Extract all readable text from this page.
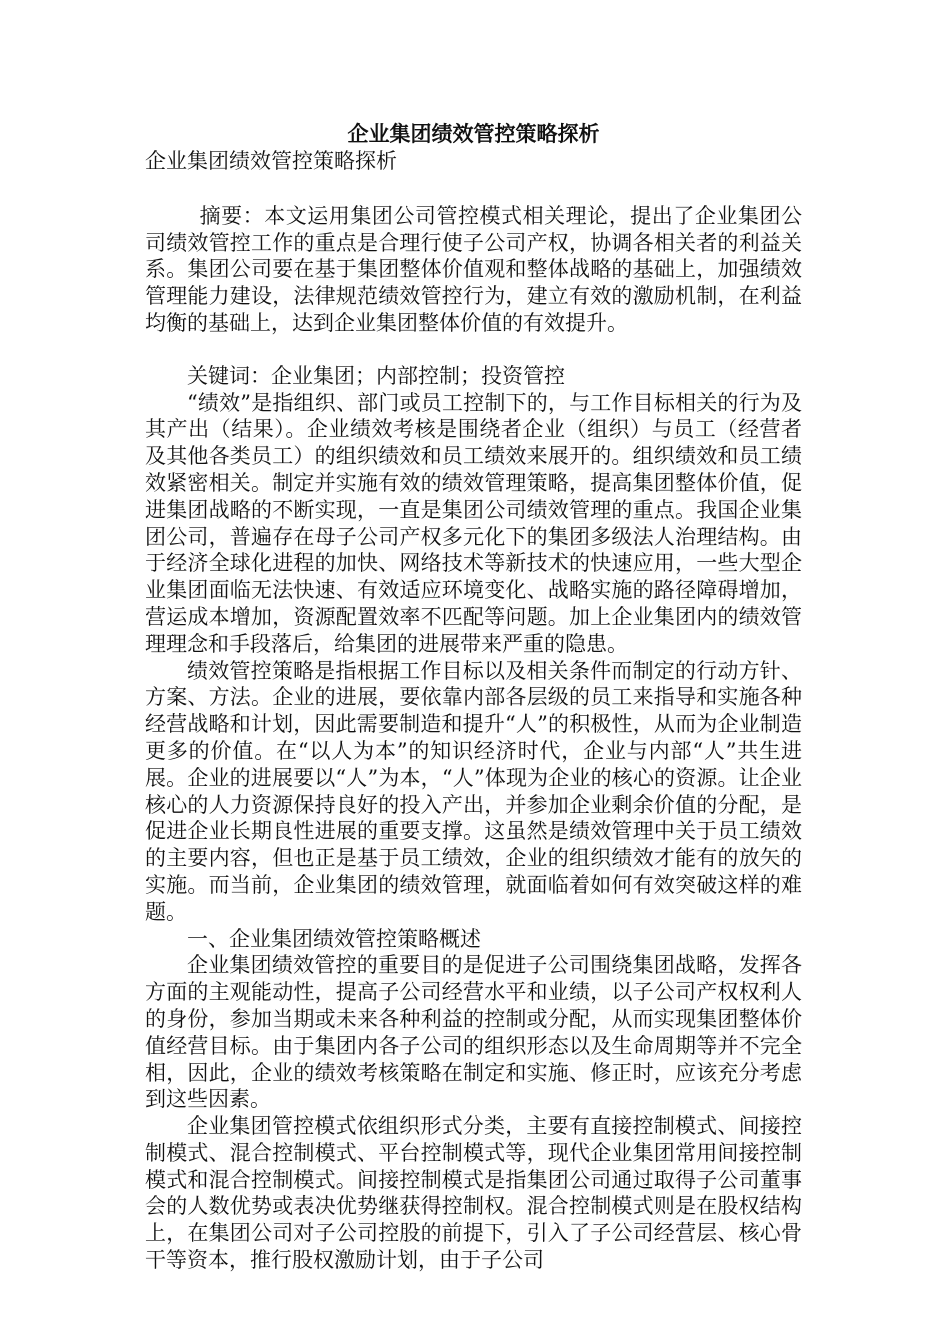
企业集团绩效管控策略探析

企业集团绩效管控策略探析

摘要：本文运用集团公司管控模式相关理论，提出了企业集团公司绩效管控工作的重点是合理行使子公司产权，协调各相关者的利益关系。集团公司要在基于集团整体价值观和整体战略的基础上，加强绩效管理能力建设，法律规范绩效管控行为，建立有效的激励机制，在利益均衡的基础上，达到企业集团整体价值的有效提升。

关键词：企业集团；内部控制；投资管控

“绩效”是指组织、部门或员工控制下的，与工作目标相关的行为及其产出（结果）。企业绩效考核是围绕者企业（组织）与员工（经营者及其他各类员工）的组织绩效和员工绩效来展开的。组织绩效和员工绩效紧密相关。制定并实施有效的绩效管理策略，提高集团整体价值，促进集团战略的不断实现，一直是集团公司绩效管理的重点。我国企业集团公司，普遍存在母子公司产权多元化下的集团多级法人治理结构。由于经济全球化进程的加快、网络技术等新技术的快速应用，一些大型企业集团面临无法快速、有效适应环境变化、战略实施的路径障碍增加，营运成本增加，资源配置效率不匹配等问题。加上企业集团内的绩效管理理念和手段落后，给集团的进展带来严重的隐患。

绩效管控策略是指根据工作目标以及相关条件而制定的行动方针、方案、方法。企业的进展，要依靠内部各层级的员工来指导和实施各种经营战略和计划，因此需要制造和提升“人”的积极性，从而为企业制造更多的价值。在“以人为本”的知识经济时代，企业与内部“人”共生进展。企业的进展要以“人”为本，“人”体现为企业的核心的资源。让企业核心的人力资源保持良好的投入产出，并参加企业剩余价值的分配，是促进企业长期良性进展的重要支撑。这虽然是绩效管理中关于员工绩效的主要内容，但也正是基于员工绩效，企业的组织绩效才能有的放矢的实施。而当前，企业集团的绩效管理，就面临着如何有效突破这样的难题。

一、企业集团绩效管控策略概述

企业集团绩效管控的重要目的是促进子公司围绕集团战略，发挥各方面的主观能动性，提高子公司经营水平和业绩，以子公司产权权利人的身份，参加当期或未来各种利益的控制或分配，从而实现集团整体价值经营目标。由于集团内各子公司的组织形态以及生命周期等并不完全相，因此，企业的绩效考核策略在制定和实施、修正时，应该充分考虑到这些因素。

企业集团管控模式依组织形式分类，主要有直接控制模式、间接控制模式、混合控制模式、平台控制模式等，现代企业集团常用间接控制模式和混合控制模式。间接控制模式是指集团公司通过取得子公司董事会的人数优势或表决优势继获得控制权。混合控制模式则是在股权结构上，在集团公司对子公司控股的前提下，引入了子公司经营层、核心骨干等资本，推行股权激励计划，由于子公司
